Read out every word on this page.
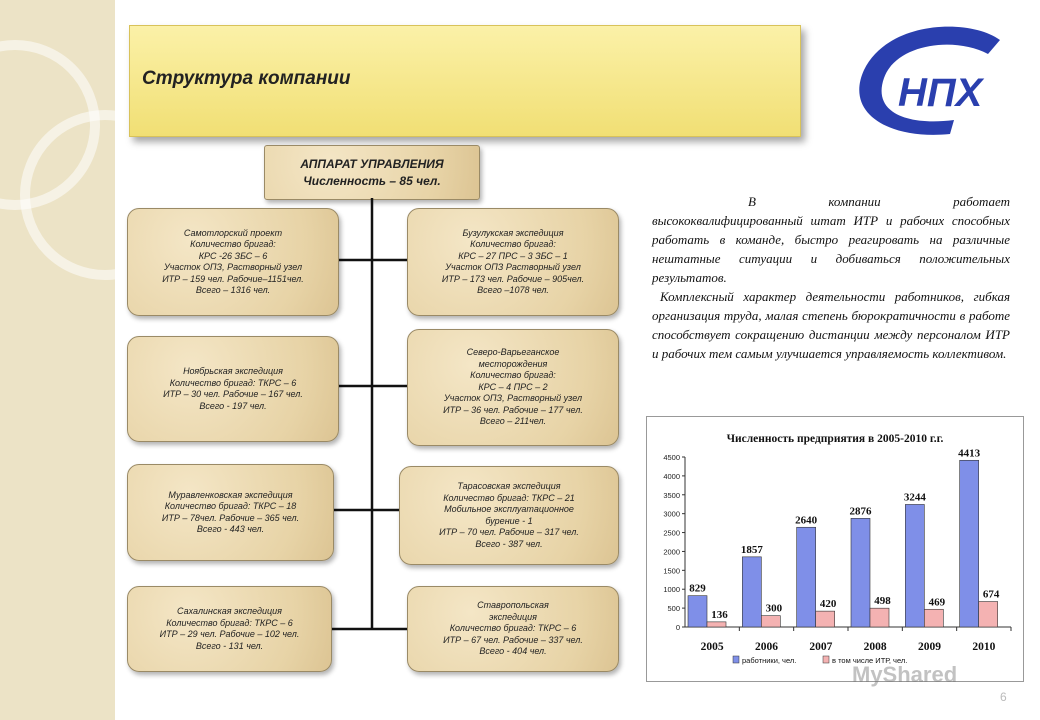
Структура компании	НПХ
АППАРАТ УПРАВЛЕНИЯ
Численность – 85 чел.
Самотлорский проект
Количество бригад:
КРС -26 ЗБС – 6
Участок ОПЗ, Растворный узел
ИТР – 159 чел. Рабочие–1151чел.
Всего – 1316 чел.
Бузулукская экспедиция
Количество бригад:
КРС – 27 ПРС – 3 ЗБС – 1
Участок ОПЗ Растворный узел
ИТР – 173 чел. Рабочие – 905чел.
Всего –1078 чел.
Ноябрьская экспедиция
Количество бригад: ТКРС – 6
ИТР – 30 чел. Рабочие – 167 чел.
Всего - 197 чел.
Северо-Варьеганское
месторождения
Количество бригад:
КРС – 4 ПРС – 2
Участок ОПЗ, Растворный узел
ИТР – 36 чел. Рабочие – 177 чел.
Всего – 211чел.
Муравленковская экспедиция
Количество бригад: ТКРС – 18
ИТР – 78чел. Рабочие – 365 чел.
Всего - 443 чел.
Тарасовская экспедиция
Количество бригад: ТКРС – 21
Мобильное эксплуатационное
бурение - 1
ИТР – 70 чел. Рабочие – 317 чел.
Всего - 387 чел.
Сахалинская экспедиция
Количество бригад: ТКРС – 6
ИТР – 29 чел. Рабочие – 102 чел.
Всего - 131 чел.
Ставропольская
экспедиция
Количество бригад: ТКРС – 6
ИТР – 67 чел. Рабочие – 337 чел.
Всего - 404 чел.

В компании работает высококвалифицированный штат ИТР и рабочих способных работать в команде, быстро реагировать на различные нештатные ситуации и добиваться положительных результатов.

Комплексный характер деятельности работников, гибкая организация труда, малая степень бюрократичности в работе способствует сокращению дистанции между персоналом ИТР и рабочих тем самым улучшается управляемость коллективом.

Численность предприятия в 2005-2010 г.г.
0
500
1000
1500
2000
2500
3000
3500
4000
4500
2005
829
136
2006
1857
300
2007
2640
420
2008
2876
498
2009
3244
469
2010
4413
674
работники, чел.	в том числе ИТР, чел.
MyShared
6
